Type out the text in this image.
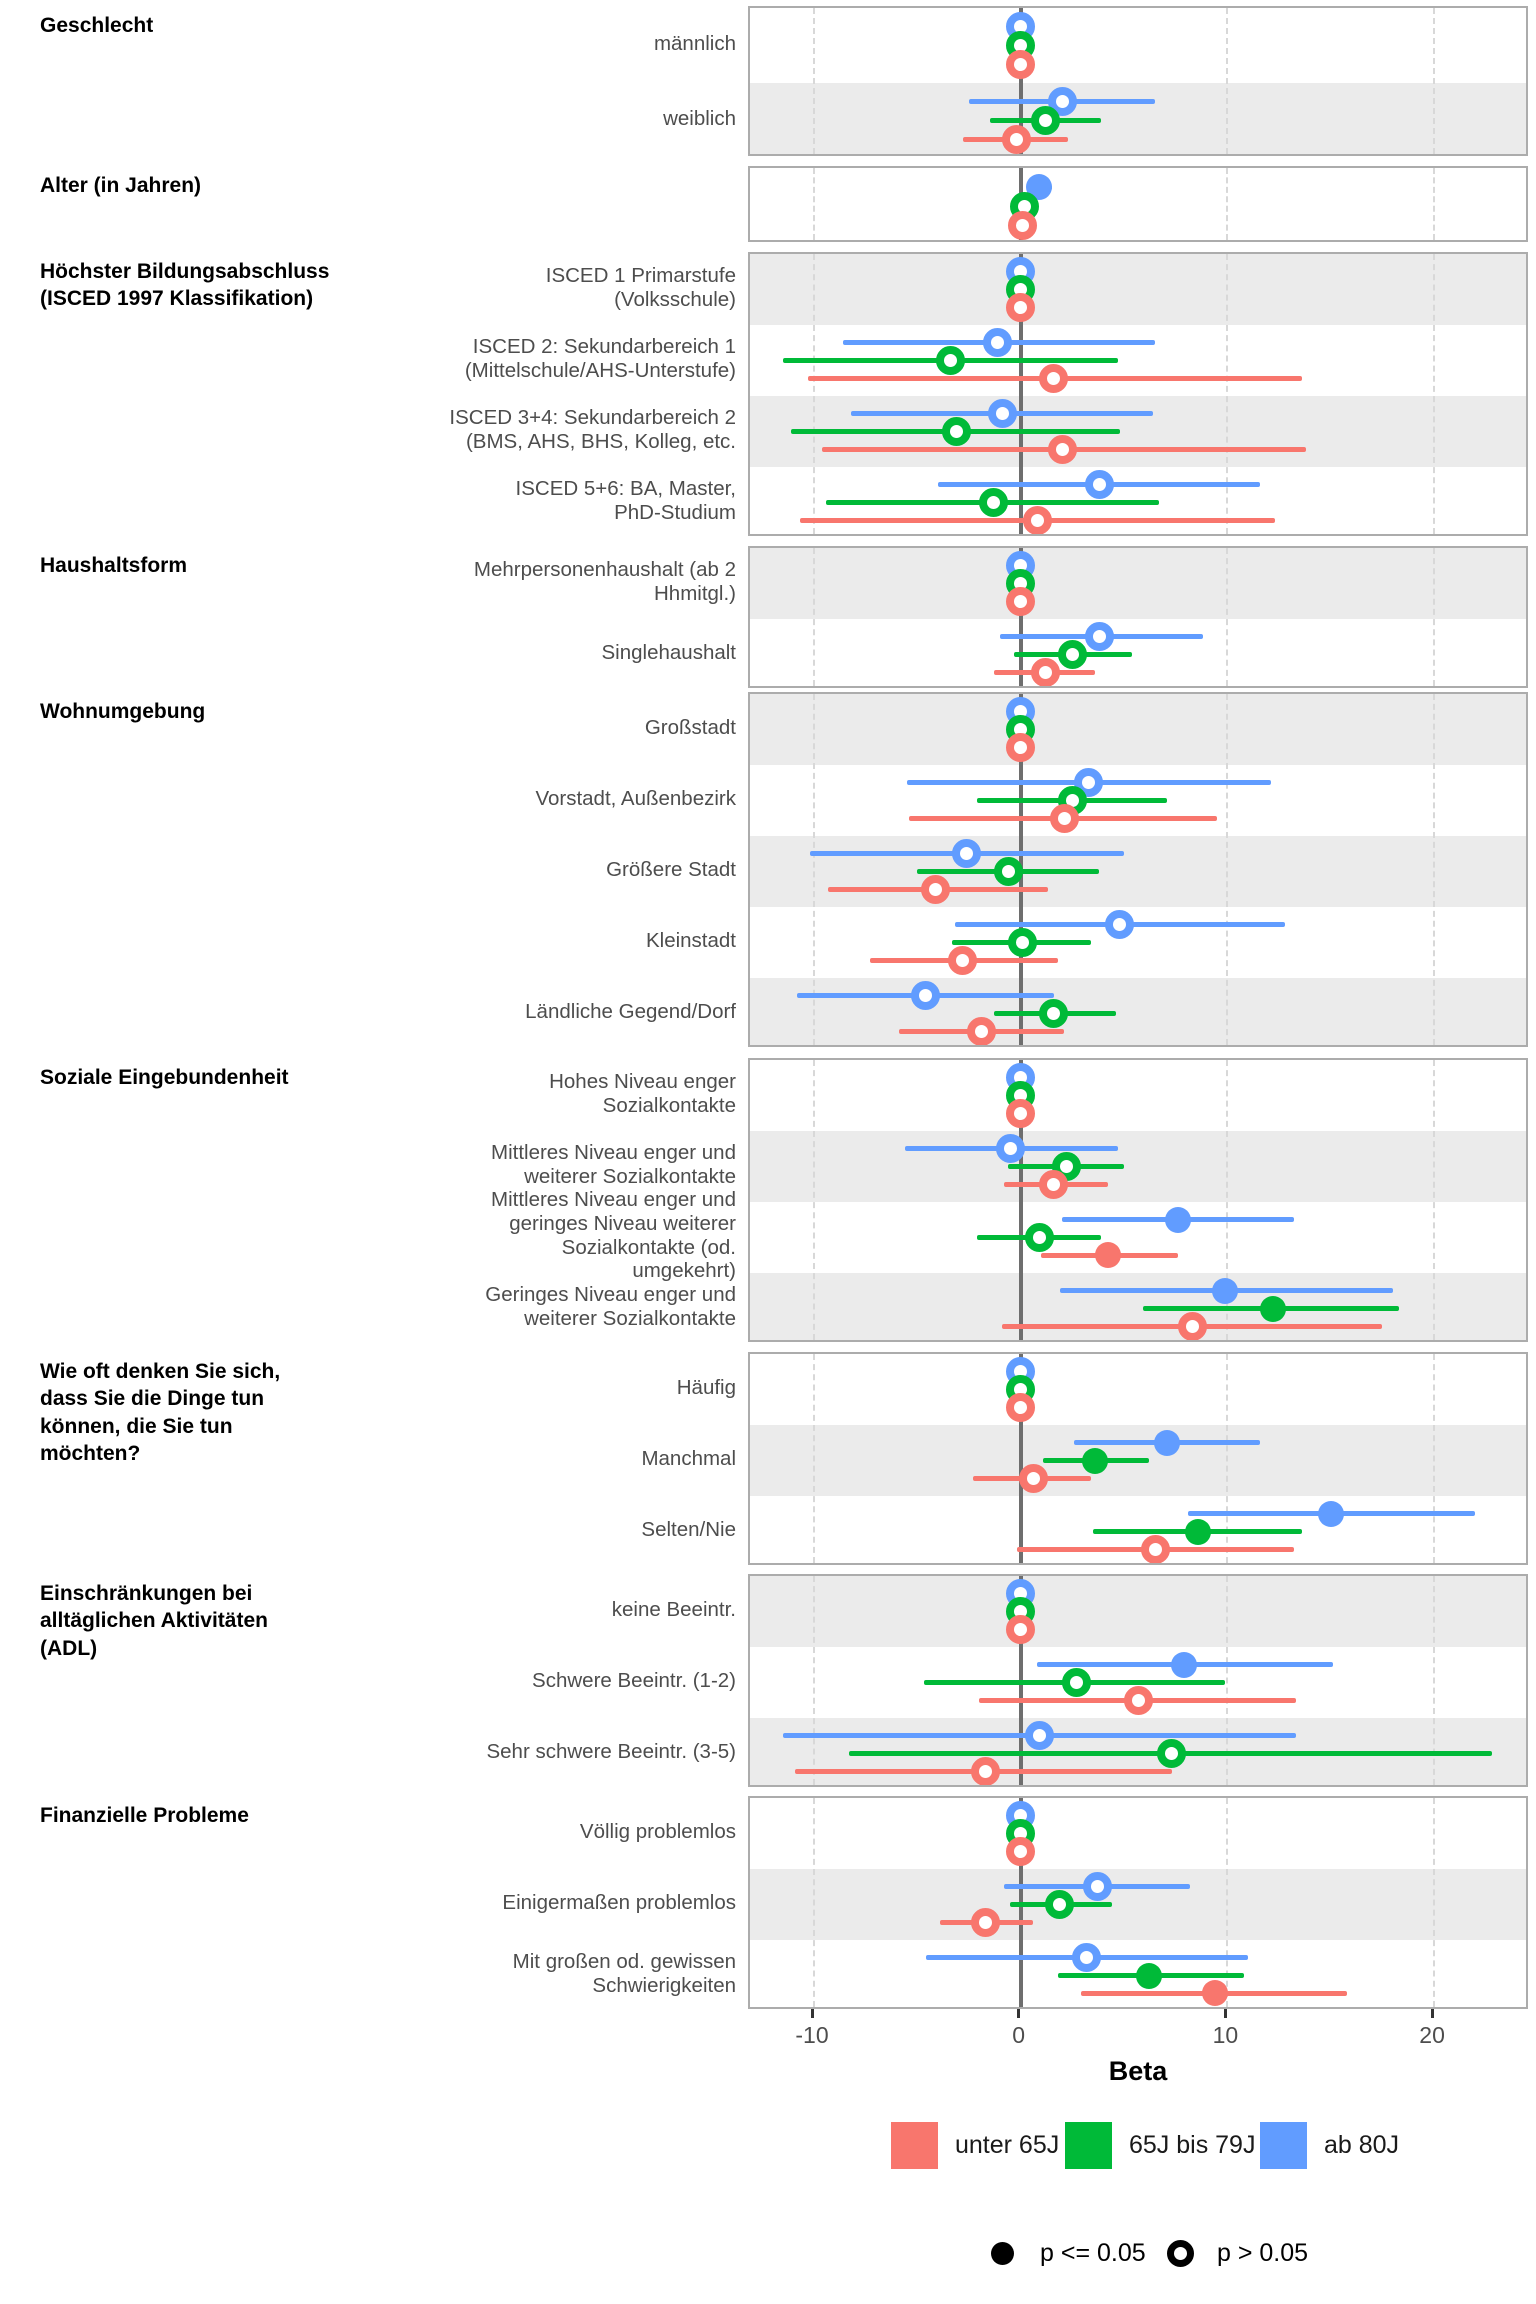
Geschlecht
männlich
weiblich
Alter (in Jahren)
Höchster Bildungsabschluss
(ISCED 1997 Klassifikation)
ISCED 1 Primarstufe
(Volksschule)
ISCED 2: Sekundarbereich 1
(Mittelschule/AHS-Unterstufe)
ISCED 3+4: Sekundarbereich 2
(BMS, AHS, BHS, Kolleg, etc.
ISCED 5+6: BA, Master,
PhD-Studium
Haushaltsform	Mehrpersonenhaushalt (ab 2
Hhmitgl.)
Singlehaushalt
Wohnumgebung
Großstadt
Vorstadt, Außenbezirk
Größere Stadt
Kleinstadt
Ländliche Gegend/Dorf
Soziale Eingebundenheit	Hohes Niveau enger
Sozialkontakte
Mittleres Niveau enger und
weiterer Sozialkontakte
Mittleres Niveau enger und
geringes Niveau weiterer
Sozialkontakte (od.
umgekehrt)
Geringes Niveau enger und
weiterer Sozialkontakte
Wie oft denken Sie sich,
dass Sie die Dinge tun
können, die Sie tun
möchten?
Häufig
Manchmal
Selten/Nie
Einschränkungen bei
alltäglichen Aktivitäten
(ADL)
keine Beeintr.
Schwere Beeintr. (1-2)
Sehr schwere Beeintr. (3-5)
Finanzielle Probleme
Völlig problemlos
Einigermaßen problemlos
Mit großen od. gewissen
Schwierigkeiten
-10	0	10	20
Beta
unter 65J	65J bis 79J	ab 80J
p <= 0.05	p > 0.05
